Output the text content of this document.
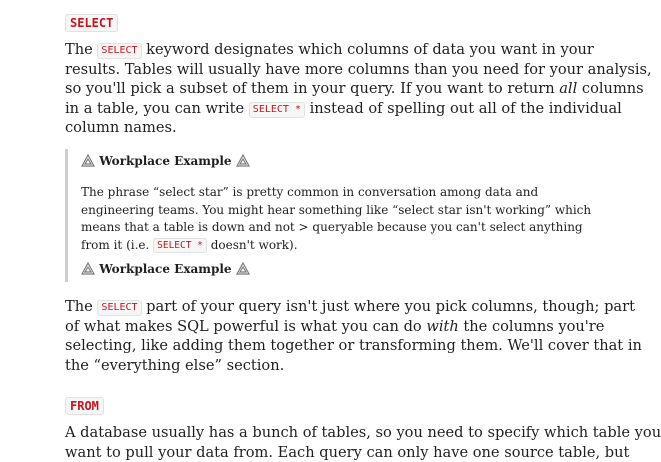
SELECT

The SELECT keyword designates which columns of data you want in your
results. Tables will usually have more columns than you need for your analysis,
so you'll pick a subset of them in your query. If you want to return all columns
in a table, you can write SELECT * instead of spelling out all of the individual
column names.

Workplace Example

The phrase “select star” is pretty common in conversation among data and
engineering teams. You might hear something like “select star isn't working” which
means that a table is down and not > queryable because you can't select anything
from it (i.e. SELECT * doesn't work).

Workplace Example

The SELECT part of your query isn't just where you pick columns, though; part
of what makes SQL powerful is what you can do with the columns you're
selecting, like adding them together or transforming them. We'll cover that in
the “everything else” section.

FROM

A database usually has a bunch of tables, so you need to specify which table you
want to pull your data from. Each query can only have one source table, but
